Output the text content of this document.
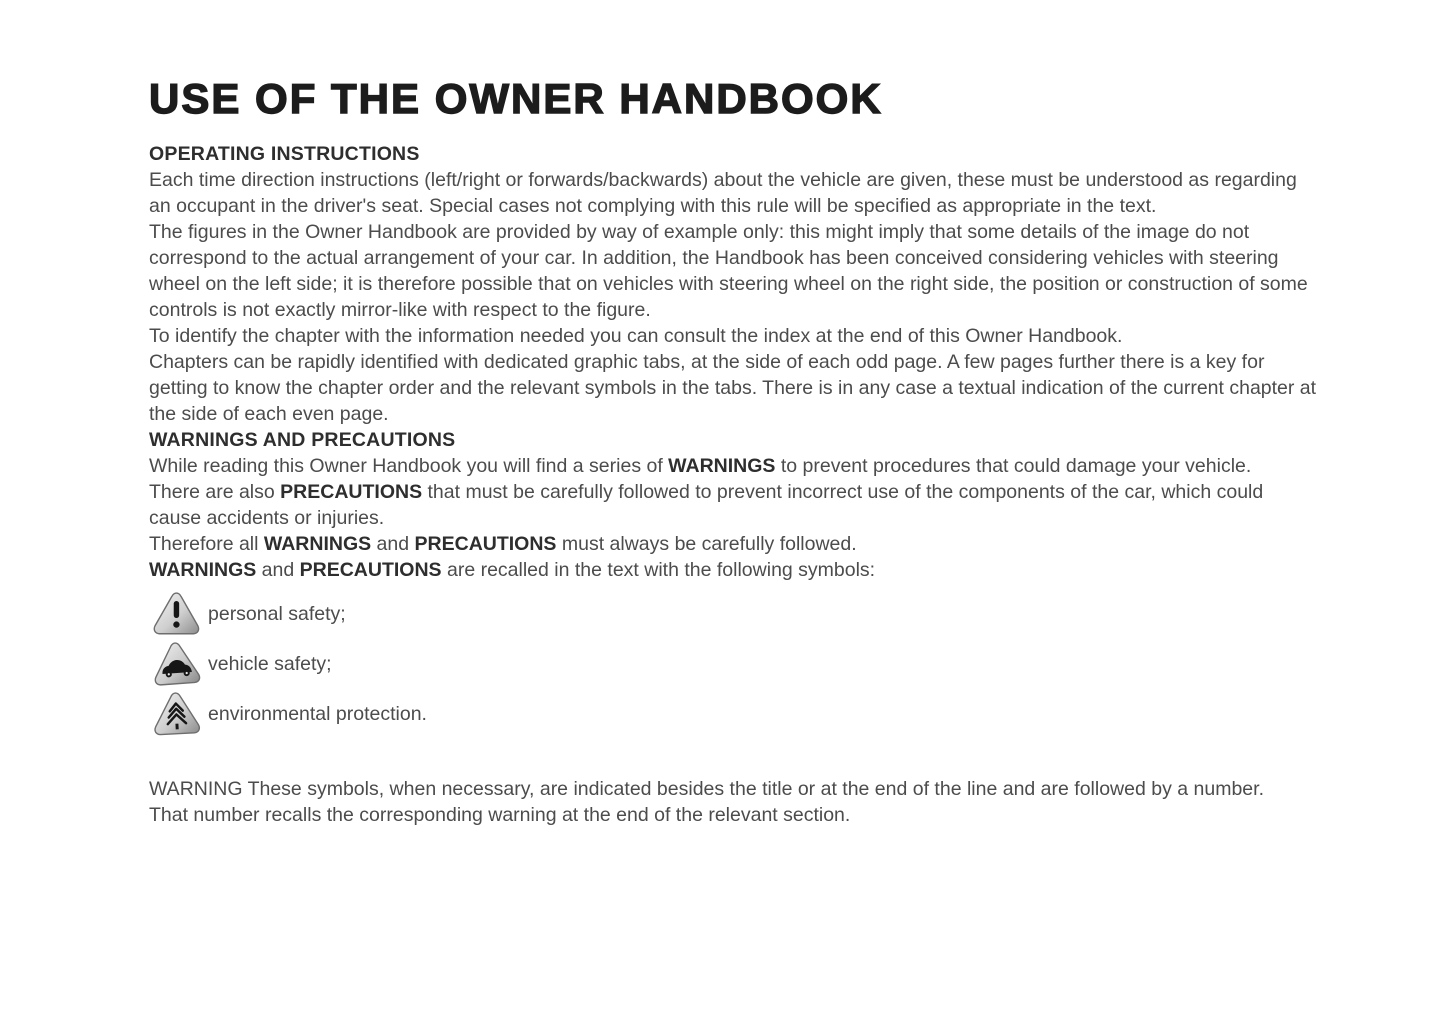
USE OF THE OWNER HANDBOOK
OPERATING INSTRUCTIONS

Each time direction instructions (left/right or forwards/backwards) about the vehicle are given, these must be understood as regarding an occupant in the driver's seat. Special cases not complying with this rule will be specified as appropriate in the text.

The figures in the Owner Handbook are provided by way of example only: this might imply that some details of the image do not correspond to the actual arrangement of your car. In addition, the Handbook has been conceived considering vehicles with steering wheel on the left side; it is therefore possible that on vehicles with steering wheel on the right side, the position or construction of some controls is not exactly mirror-like with respect to the figure.

To identify the chapter with the information needed you can consult the index at the end of this Owner Handbook.

Chapters can be rapidly identified with dedicated graphic tabs, at the side of each odd page. A few pages further there is a key for getting to know the chapter order and the relevant symbols in the tabs. There is in any case a textual indication of the current chapter at the side of each even page.

WARNINGS AND PRECAUTIONS

While reading this Owner Handbook you will find a series of WARNINGS to prevent procedures that could damage your vehicle.

There are also PRECAUTIONS that must be carefully followed to prevent incorrect use of the components of the car, which could cause accidents or injuries.

Therefore all WARNINGS and PRECAUTIONS must always be carefully followed.

WARNINGS and PRECAUTIONS are recalled in the text with the following symbols:

personal safety;
vehicle safety;
environmental protection.

WARNING These symbols, when necessary, are indicated besides the title or at the end of the line and are followed by a number. That number recalls the corresponding warning at the end of the relevant section.
